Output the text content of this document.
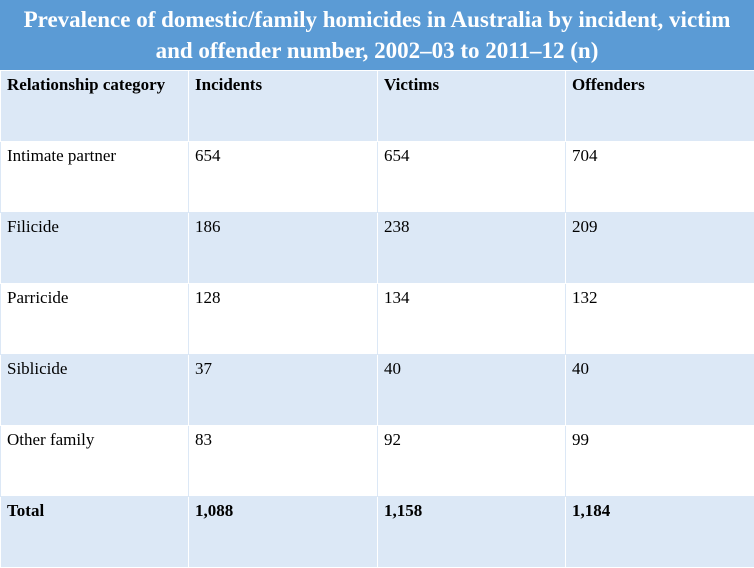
Prevalence of domestic/family homicides in Australia by incident, victim and offender number, 2002–03 to 2011–12 (n)
Relationship category	Incidents	Victims	Offenders
Intimate partner	654	654	704
Filicide	186	238	209
Parricide	128	134	132
Siblicide	37	40	40
Other family	83	92	99
Total	1,088	1,158	1,184
